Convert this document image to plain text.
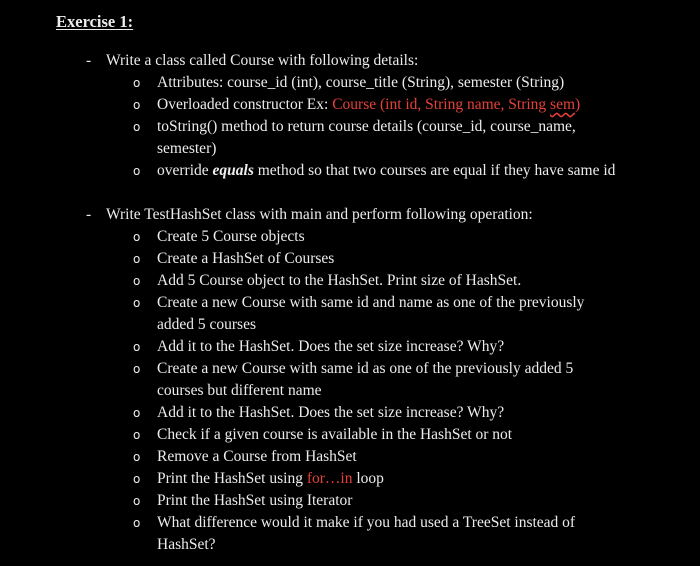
Exercise 1:
- Write a class called Course with following details:
o Attributes: course_id (int), course_title (String), semester (String)
o Overloaded constructor Ex: Course (int id, String name, String sem)
o toString() method to return course details (course_id, course_name,
semester)
o override equals method so that two courses are equal if they have same id
- Write TestHashSet class with main and perform following operation:
o Create 5 Course objects
o Create a HashSet of Courses
o Add 5 Course object to the HashSet. Print size of HashSet.
o Create a new Course with same id and name as one of the previously
added 5 courses
o Add it to the HashSet. Does the set size increase? Why?
o Create a new Course with same id as one of the previously added 5
courses but different name
o Add it to the HashSet. Does the set size increase? Why?
o Check if a given course is available in the HashSet or not
o Remove a Course from HashSet
o Print the HashSet using for…in loop
o Print the HashSet using Iterator
o What difference would it make if you had used a TreeSet instead of
HashSet?
